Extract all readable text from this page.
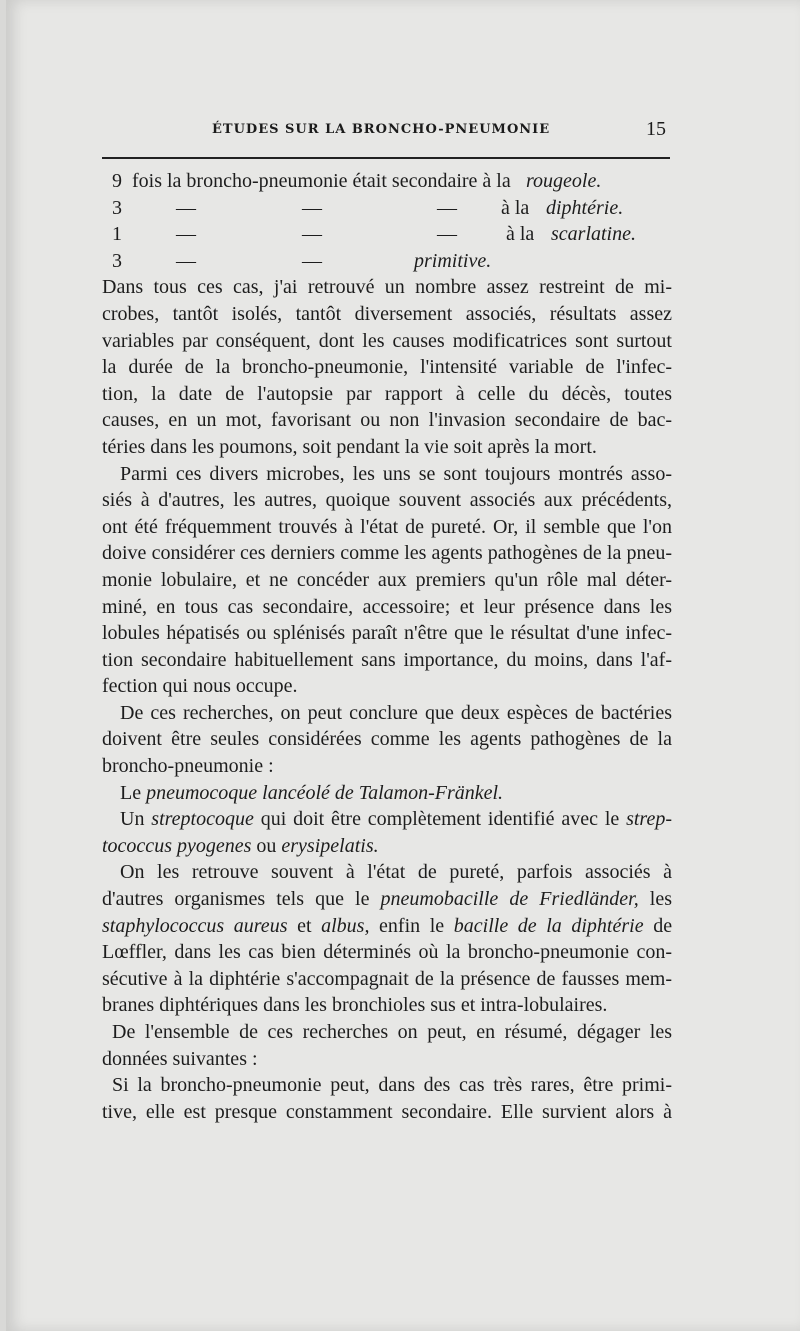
ÉTUDES SUR LA BRONCHO-PNEUMONIE	15
9 fois la broncho-pneumonie était secondaire à la rougeole.
3	—	—	— à la diphtérie.
1	—	—	— à la scarlatine.
3	—	—	primitive.
Dans tous ces cas, j'ai retrouvé un nombre assez restreint de mi-
crobes, tantôt isolés, tantôt diversement associés, résultats assez
variables par conséquent, dont les causes modificatrices sont surtout
la durée de la broncho-pneumonie, l'intensité variable de l'infec-
tion, la date de l'autopsie par rapport à celle du décès, toutes
causes, en un mot, favorisant ou non l'invasion secondaire de bac-
téries dans les poumons, soit pendant la vie soit après la mort.
Parmi ces divers microbes, les uns se sont toujours montrés asso-
siés à d'autres, les autres, quoique souvent associés aux précédents,
ont été fréquemment trouvés à l'état de pureté. Or, il semble que l'on
doive considérer ces derniers comme les agents pathogènes de la pneu-
monie lobulaire, et ne concéder aux premiers qu'un rôle mal déter-
miné, en tous cas secondaire, accessoire; et leur présence dans les
lobules hépatisés ou splénisés paraît n'être que le résultat d'une infec-
tion secondaire habituellement sans importance, du moins, dans l'af-
fection qui nous occupe.
De ces recherches, on peut conclure que deux espèces de bactéries
doivent être seules considérées comme les agents pathogènes de la
broncho-pneumonie :
Le pneumocoque lancéolé de Talamon-Fränkel.
Un streptocoque qui doit être complètement identifié avec le strep-
tococcus pyogenes ou erysipelatis.
On les retrouve souvent à l'état de pureté, parfois associés à
d'autres organismes tels que le pneumobacille de Friedländer, les
staphylococcus aureus et albus, enfin le bacille de la diphtérie de
Lœffler, dans les cas bien déterminés où la broncho-pneumonie con-
sécutive à la diphtérie s'accompagnait de la présence de fausses mem-
branes diphtériques dans les bronchioles sus et intra-lobulaires.
De l'ensemble de ces recherches on peut, en résumé, dégager les
données suivantes :
Si la broncho-pneumonie peut, dans des cas très rares, être primi-
tive, elle est presque constamment secondaire. Elle survient alors à
